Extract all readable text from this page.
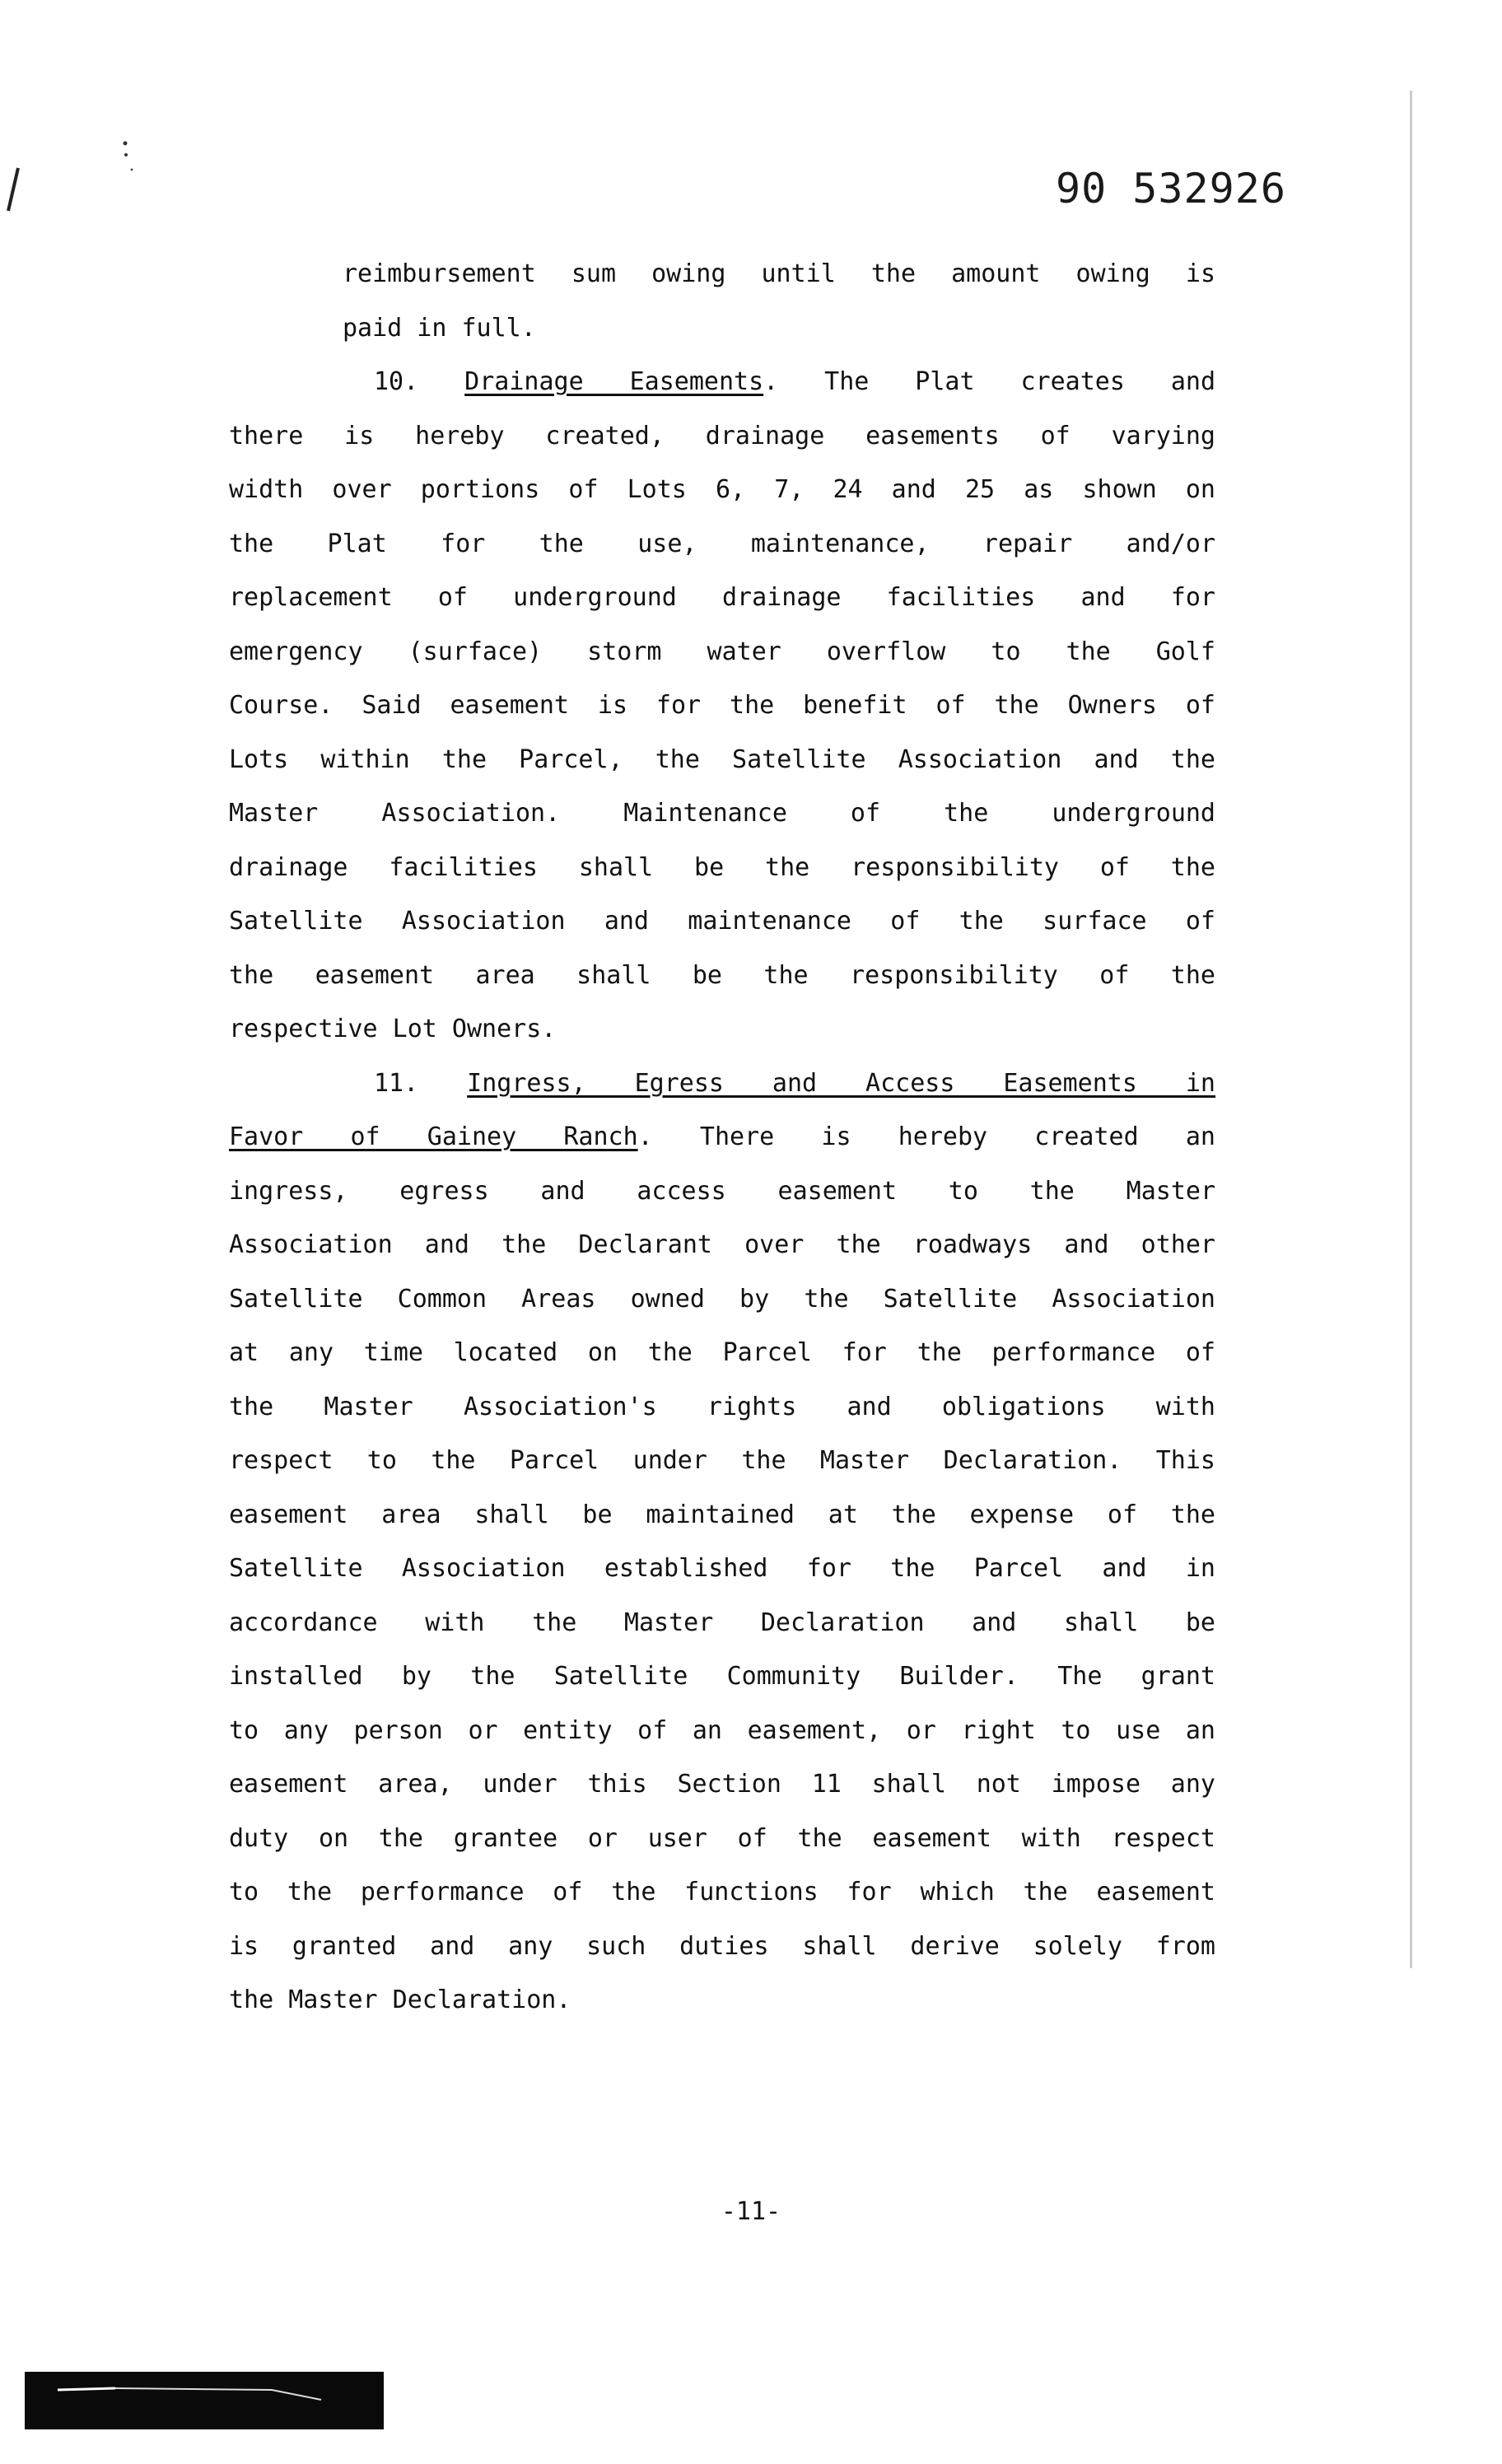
90 532926
reimbursement sum owing until the amount owing is
paid in full.
10. Drainage Easements. The Plat creates and
there is hereby created, drainage easements of varying
width over portions of Lots 6, 7, 24 and 25 as shown on
the Plat for the use, maintenance, repair and/or
replacement of underground drainage facilities and for
emergency (surface) storm water overflow to the Golf
Course. Said easement is for the benefit of the Owners of
Lots within the Parcel, the Satellite Association and the
Master Association. Maintenance of the underground
drainage facilities shall be the responsibility of the
Satellite Association and maintenance of the surface of
the easement area shall be the responsibility of the
respective Lot Owners.
11. Ingress, Egress and Access Easements in
Favor of Gainey Ranch. There is hereby created an
ingress, egress and access easement to the Master
Association and the Declarant over the roadways and other
Satellite Common Areas owned by the Satellite Association
at any time located on the Parcel for the performance of
the Master Association's rights and obligations with
respect to the Parcel under the Master Declaration. This
easement area shall be maintained at the expense of the
Satellite Association established for the Parcel and in
accordance with the Master Declaration and shall be
installed by the Satellite Community Builder. The grant
to any person or entity of an easement, or right to use an
easement area, under this Section 11 shall not impose any
duty on the grantee or user of the easement with respect
to the performance of the functions for which the easement
is granted and any such duties shall derive solely from
the Master Declaration.
-11-
